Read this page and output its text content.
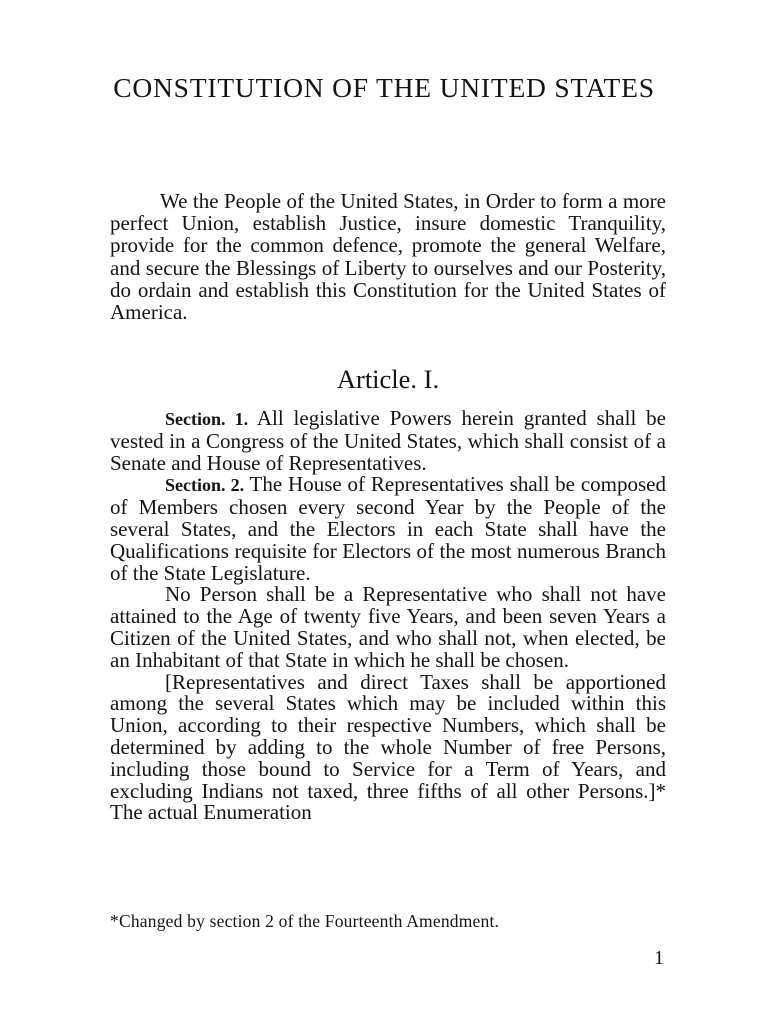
CONSTITUTION OF THE UNITED STATES

We the People of the United States, in Order to form a more perfect Union, establish Justice, insure domestic Tranquility, provide for the common defence, promote the general Welfare, and secure the Blessings of Liberty to ourselves and our Posterity, do ordain and establish this Constitution for the United States of America.

Article. I.

Section. 1. All legislative Powers herein granted shall be vested in a Congress of the United States, which shall consist of a Senate and House of Representatives.

Section. 2. The House of Representatives shall be composed of Members chosen every second Year by the People of the several States, and the Electors in each State shall have the Qualifications requisite for Electors of the most numerous Branch of the State Legislature.

No Person shall be a Representative who shall not have attained to the Age of twenty five Years, and been seven Years a Citizen of the United States, and who shall not, when elected, be an Inhabitant of that State in which he shall be chosen.

[Representatives and direct Taxes shall be apportioned among the several States which may be included within this Union, according to their respective Numbers, which shall be determined by adding to the whole Number of free Persons, including those bound to Service for a Term of Years, and excluding Indians not taxed, three fifths of all other Persons.]* The actual Enumeration

*Changed by section 2 of the Fourteenth Amendment.

1
